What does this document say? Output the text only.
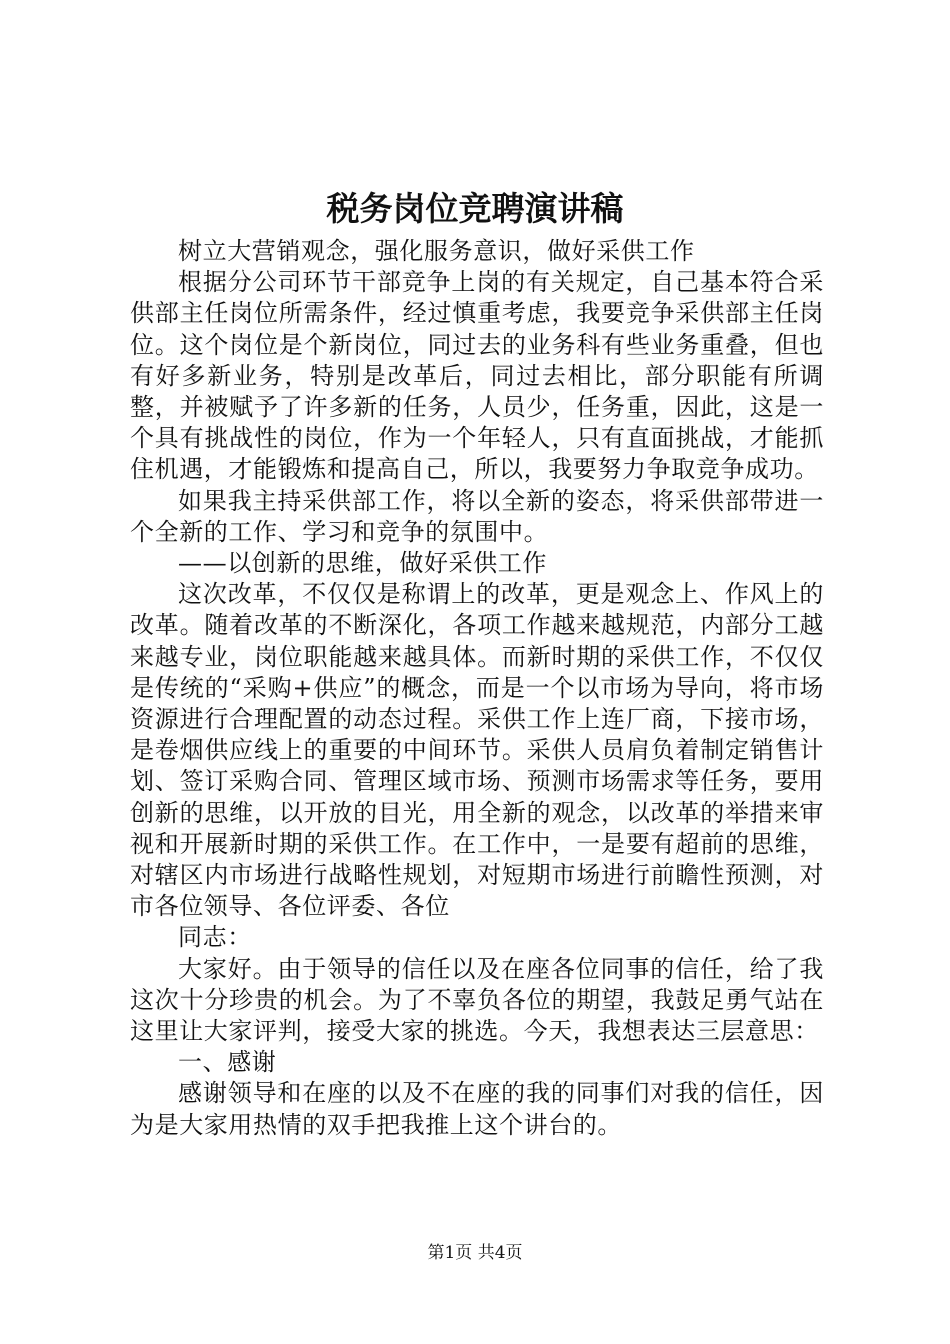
税务岗位竞聘演讲稿

树立大营销观念，强化服务意识，做好采供工作

根据分公司环节干部竞争上岗的有关规定，自己基本符合采供部主任岗位所需条件，经过慎重考虑，我要竞争采供部主任岗位。这个岗位是个新岗位，同过去的业务科有些业务重叠，但也有好多新业务，特别是改革后，同过去相比，部分职能有所调整，并被赋予了许多新的任务，人员少，任务重，因此，这是一个具有挑战性的岗位，作为一个年轻人，只有直面挑战，才能抓住机遇，才能锻炼和提高自己，所以，我要努力争取竞争成功。

如果我主持采供部工作，将以全新的姿态，将采供部带进一个全新的工作、学习和竞争的氛围中。

——以创新的思维，做好采供工作

这次改革，不仅仅是称谓上的改革，更是观念上、作风上的改革。随着改革的不断深化，各项工作越来越规范，内部分工越来越专业，岗位职能越来越具体。而新时期的采供工作，不仅仅是传统的“采购+供应”的概念，而是一个以市场为导向，将市场资源进行合理配置的动态过程。采供工作上连厂商，下接市场，是卷烟供应线上的重要的中间环节。采供人员肩负着制定销售计划、签订采购合同、管理区域市场、预测市场需求等任务，要用创新的思维，以开放的目光，用全新的观念，以改革的举措来审视和开展新时期的采供工作。在工作中，一是要有超前的思维，对辖区内市场进行战略性规划，对短期市场进行前瞻性预测，对市各位领导、各位评委、各位

同志：

大家好。由于领导的信任以及在座各位同事的信任，给了我这次十分珍贵的机会。为了不辜负各位的期望，我鼓足勇气站在这里让大家评判，接受大家的挑选。今天，我想表达三层意思：

一、感谢

感谢领导和在座的以及不在座的我的同事们对我的信任，因为是大家用热情的双手把我推上这个讲台的。

第1页 共4页
